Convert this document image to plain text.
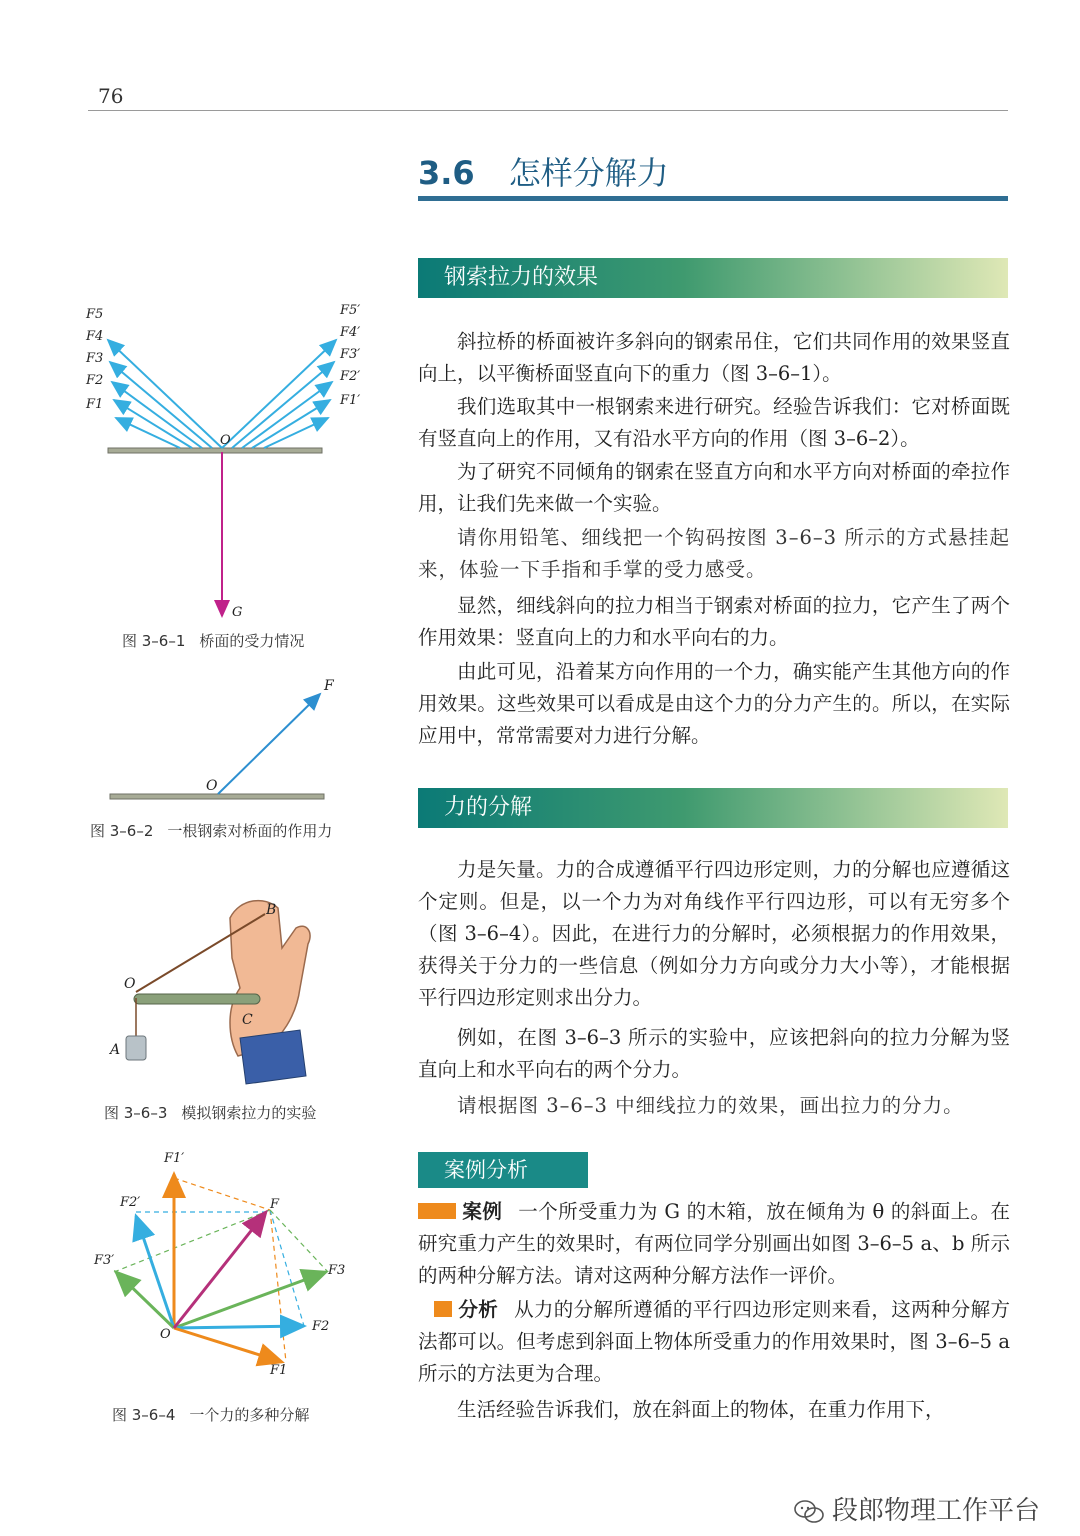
76
3.6 怎样分解力
钢索拉力的效果
斜拉桥的桥面被许多斜向的钢索吊住，它们共同作用的效果竖直向上，以平衡桥面竖直向下的重力（图 3–6–1）。
我们选取其中一根钢索来进行研究。经验告诉我们：它对桥面既有竖直向上的作用，又有沿水平方向的作用（图 3–6–2）。
为了研究不同倾角的钢索在竖直方向和水平方向对桥面的牵拉作用，让我们先来做一个实验。
请你用铅笔、细线把一个钩码按图 3–6–3 所示的方式悬挂起来，体验一下手指和手掌的受力感受。
显然，细线斜向的拉力相当于钢索对桥面的拉力，它产生了两个作用效果：竖直向上的力和水平向右的力。
由此可见，沿着某方向作用的一个力，确实能产生其他方向的作用效果。这些效果可以看成是由这个力的分力产生的。所以，在实际应用中，常常需要对力进行分解。
力的分解
力是矢量。力的合成遵循平行四边形定则，力的分解也应遵循这个定则。但是，以一个力为对角线作平行四边形，可以有无穷多个（图 3–6–4）。因此，在进行力的分解时，必须根据力的作用效果，获得关于分力的一些信息（例如分力方向或分力大小等），才能根据平行四边形定则求出分力。
例如，在图 3–6–3 所示的实验中，应该把斜向的拉力分解为竖直向上和水平向右的两个分力。
请根据图 3–6–3 中细线拉力的效果，画出拉力的分力。
案例分析
案例 一个所受重力为 G 的木箱，放在倾角为 θ 的斜面上。在研究重力产生的效果时，有两位同学分别画出如图 3–6–5 a、b 所示的两种分解方法。请对这两种分解方法作一评价。
分析 从力的分解所遵循的平行四边形定则来看，这两种分解方法都可以。但考虑到斜面上物体所受重力的作用效果时，图 3–6–5 a 所示的方法更为合理。
生活经验告诉我们，放在斜面上的物体，在重力作用下，
F5
F4
F3
F2
F1
F5′
F4′
F3′
F2′
F1′
O
G
图 3–6–1 桥面的受力情况
F
O
图 3–6–2 一根钢索对桥面的作用力
B
O
C
A
图 3–6–3 模拟钢索拉力的实验
F1′
F2′	F
F3′
F3
F2
O
F1
图 3–6–4 一个力的多种分解
段郎物理工作平台
